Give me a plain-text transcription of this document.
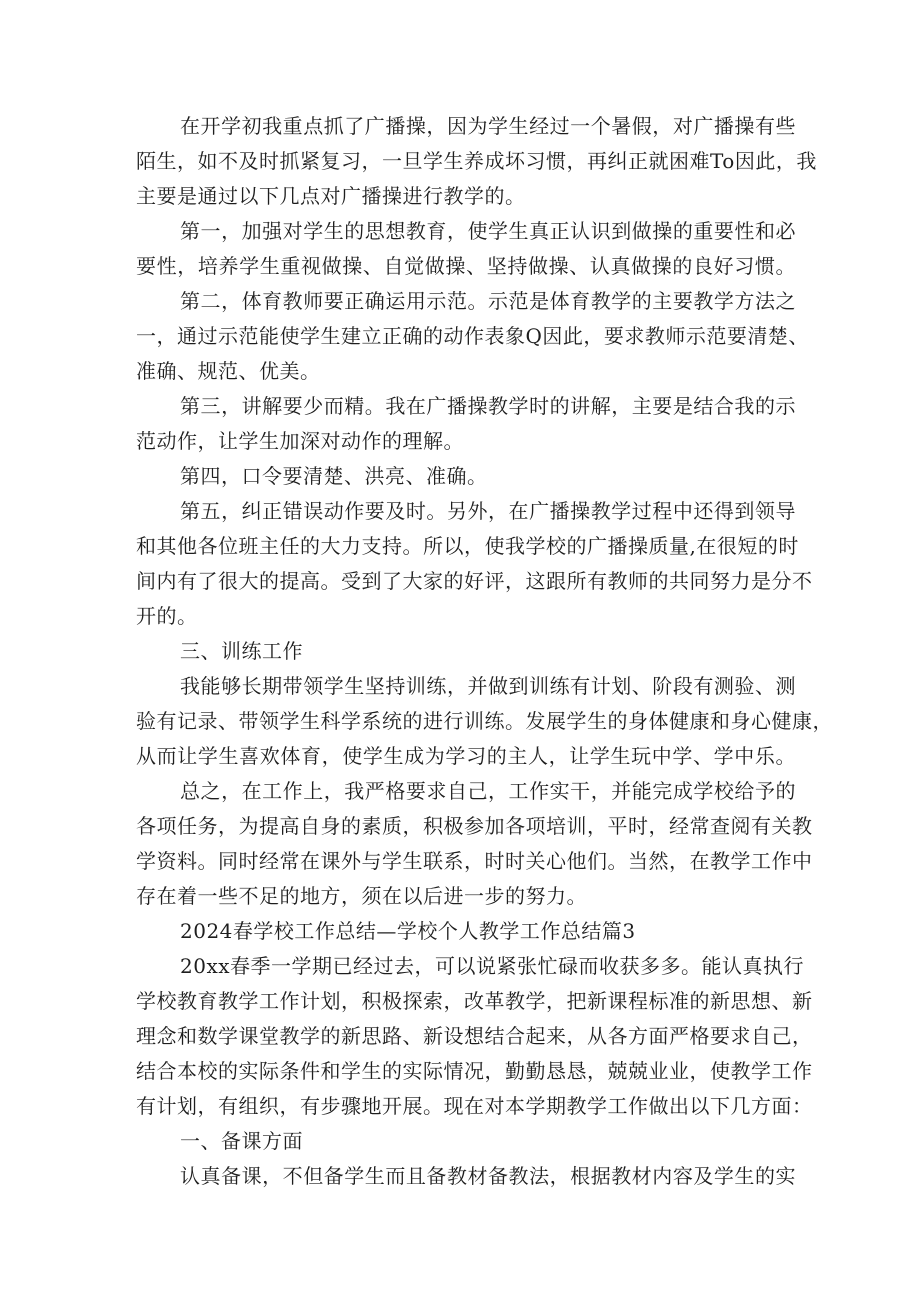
在开学初我重点抓了广播操，因为学生经过一个暑假，对广播操有些
陌生，如不及时抓紧复习，一旦学生养成坏习惯，再纠正就困难To因此，我
主要是通过以下几点对广播操进行教学的。
第一，加强对学生的思想教育，使学生真正认识到做操的重要性和必
要性，培养学生重视做操、自觉做操、坚持做操、认真做操的良好习惯。
第二，体育教师要正确运用示范。示范是体育教学的主要教学方法之
一，通过示范能使学生建立正确的动作表象Q因此，要求教师示范要清楚、
准确、规范、优美。
第三，讲解要少而精。我在广播操教学时的讲解，主要是结合我的示
范动作，让学生加深对动作的理解。
第四，口令要清楚、洪亮、准确。
第五，纠正错误动作要及时。另外，在广播操教学过程中还得到领导
和其他各位班主任的大力支持。所以，使我学校的广播操质量,在很短的时
间内有了很大的提高。受到了大家的好评，这跟所有教师的共同努力是分不
开的。
三、训练工作
我能够长期带领学生坚持训练，并做到训练有计划、阶段有测验、测
验有记录、带领学生科学系统的进行训练。发展学生的身体健康和身心健康，
从而让学生喜欢体育，使学生成为学习的主人，让学生玩中学、学中乐。
总之，在工作上，我严格要求自己，工作实干，并能完成学校给予的
各项任务，为提高自身的素质，积极参加各项培训，平时，经常查阅有关教
学资料。同时经常在课外与学生联系，时时关心他们。当然，在教学工作中
存在着一些不足的地方，须在以后进一步的努力。
2024春学校工作总结—学校个人教学工作总结篇3
20xx春季一学期已经过去，可以说紧张忙碌而收获多多。能认真执行
学校教育教学工作计划，积极探索，改革教学，把新课程标准的新思想、新
理念和数学课堂教学的新思路、新设想结合起来，从各方面严格要求自己，
结合本校的实际条件和学生的实际情况，勤勤恳恳，兢兢业业，使教学工作
有计划，有组织，有步骤地开展。现在对本学期教学工作做出以下几方面：
一、备课方面
认真备课，不但备学生而且备教材备教法，根据教材内容及学生的实
